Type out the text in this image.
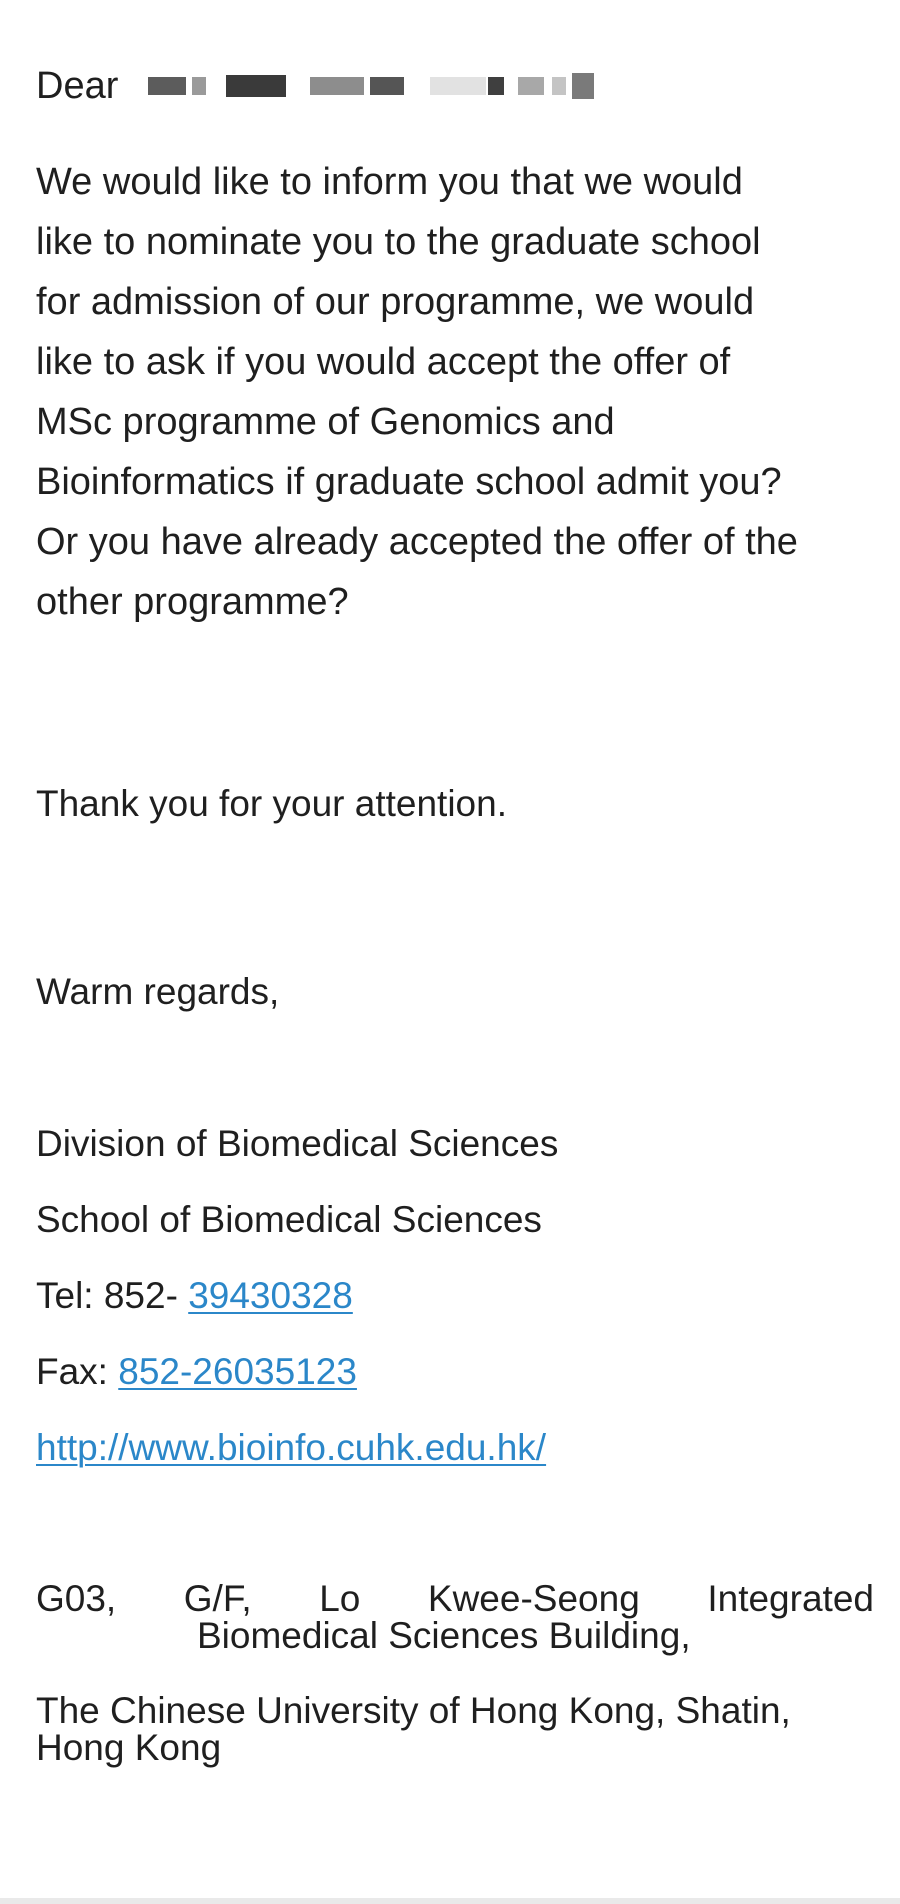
Dear
We would like to inform you that we would
like to nominate you to the graduate school
for admission of our programme, we would
like to ask if you would accept the offer of
MSc programme of Genomics and
Bioinformatics if graduate school admit you?
Or you have already accepted the offer of the
other programme?
Thank you for your attention.
Warm regards,
Division of Biomedical Sciences
School of Biomedical Sciences
Tel: 852- 39430328
Fax: 852-26035123
http://www.bioinfo.cuhk.edu.hk/
G03, G/F, Lo Kwee-Seong Integrated
Biomedical Sciences Building,
The Chinese University of Hong Kong, Shatin,
Hong Kong
